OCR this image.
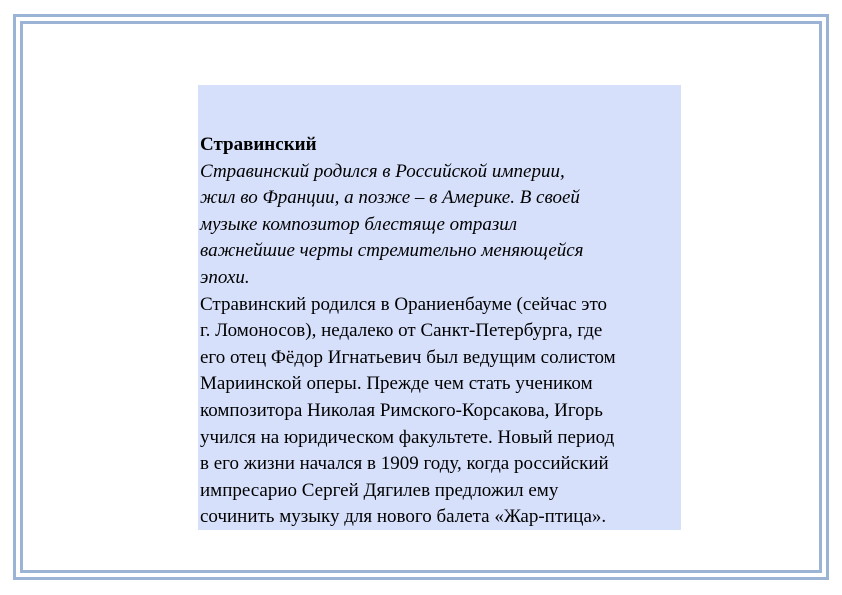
Стравинский

Стравинский родился в Российской империи,
жил во Франции, а позже – в Америке. В своей
музыке композитор блестяще отразил
важнейшие черты стремительно меняющейся
эпохи.

Стравинский родился в Ораниенбауме (сейчас это
г. Ломоносов), недалеко от Санкт-Петербурга, где
его отец Фёдор Игнатьевич был ведущим солистом
Мариинской оперы. Прежде чем стать учеником
композитора Николая Римского-Корсакова, Игорь
учился на юридическом факультете. Новый период
в его жизни начался в 1909 году, когда российский
импресарио Сергей Дягилев предложил ему
сочинить музыку для нового балета «Жар-птица».
